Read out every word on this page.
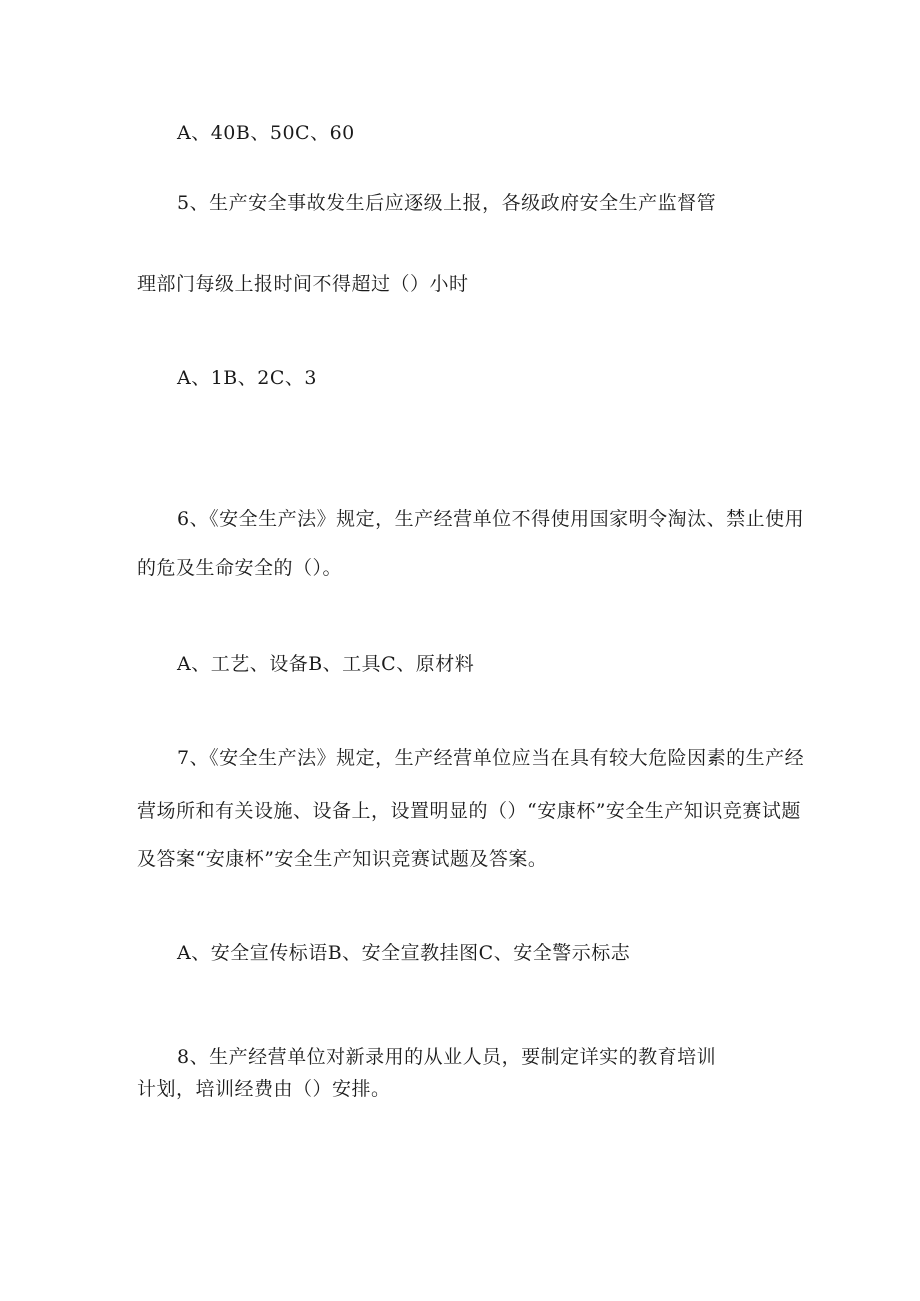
A、40B、50C、60
5、生产安全事故发生后应逐级上报，各级政府安全生产监督管
理部门每级上报时间不得超过（）小时
A、1B、2C、3
6、《安全生产法》规定，生产经营单位不得使用国家明令淘汰、禁止使用
的危及生命安全的（）。
A、工艺、设备B、工具C、原材料
7、《安全生产法》规定，生产经营单位应当在具有较大危险因素的生产经
营场所和有关设施、设备上，设置明显的（）“安康杯”安全生产知识竞赛试题
及答案“安康杯”安全生产知识竞赛试题及答案。
A、安全宣传标语B、安全宣教挂图C、安全警示标志
8、生产经营单位对新录用的从业人员，要制定详实的教育培训
计划，培训经费由（）安排。
